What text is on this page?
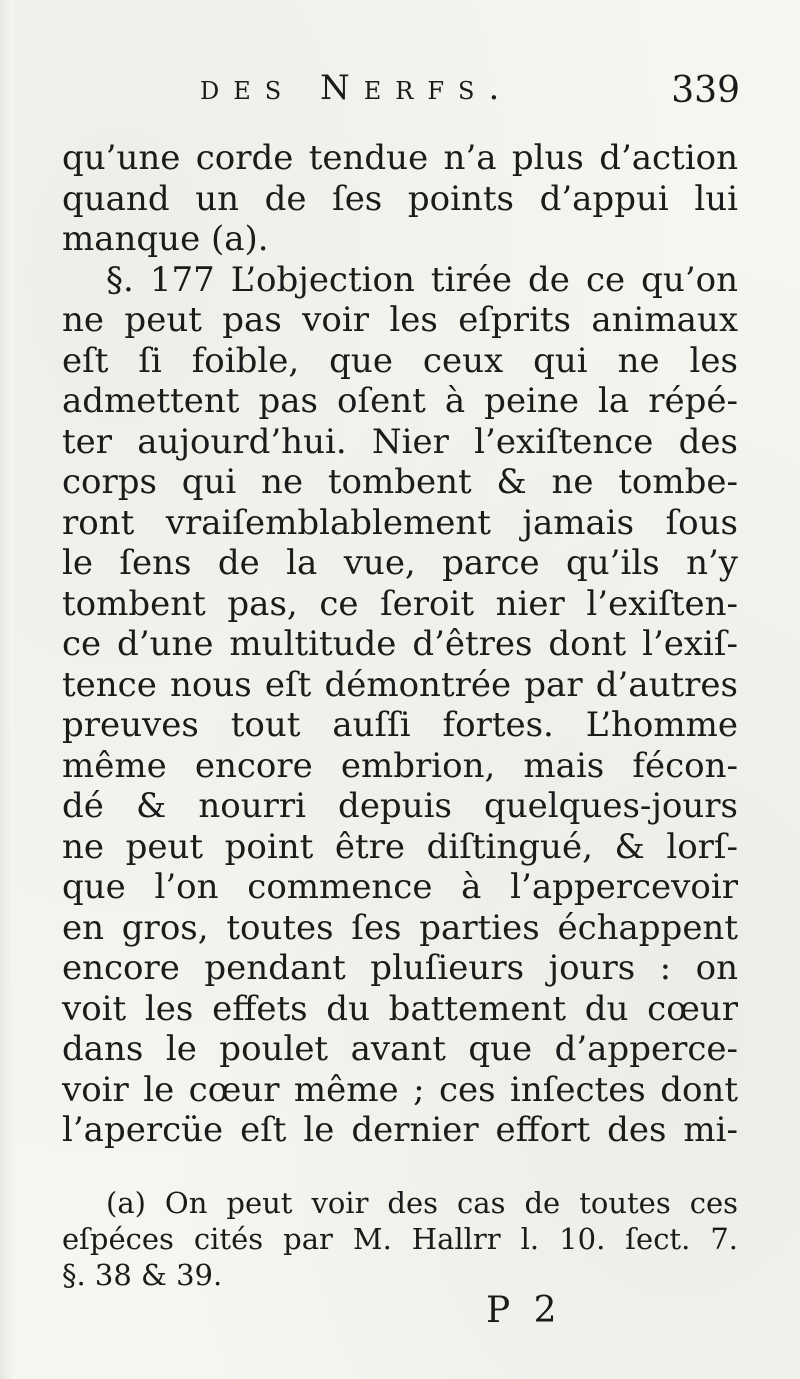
des Nerfs.	339
qu’une corde tendue n’a plus d’action
quand un de ſes points d’appui lui
manque (a).
§. 177 L’objection tirée de ce qu’on
ne peut pas voir les eſprits animaux
eſt ſi foible, que ceux qui ne les
admettent pas oſent à peine la répé-
ter aujourd’hui. Nier l’exiſtence des
corps qui ne tombent & ne tombe-
ront vraiſemblablement jamais ſous
le ſens de la vue, parce qu’ils n’y
tombent pas, ce ſeroit nier l’exiſten-
ce d’une multitude d’êtres dont l’exiſ-
tence nous eſt démontrée par d’autres
preuves tout auſſi fortes. L’homme
même encore embrion, mais fécon-
dé & nourri depuis quelques-jours
ne peut point être diſtingué, & lorſ-
que l’on commence à l’appercevoir
en gros, toutes ſes parties échappent
encore pendant pluſieurs jours : on
voit les effets du battement du cœur
dans le poulet avant que d’apperce-
voir le cœur même ; ces inſectes dont
l’apercüe eſt le dernier effort des mi-
(a) On peut voir des cas de toutes ces
eſpéces cités par M. Hallrr l. 10. ſect. 7.
§. 38 & 39.
P 2
